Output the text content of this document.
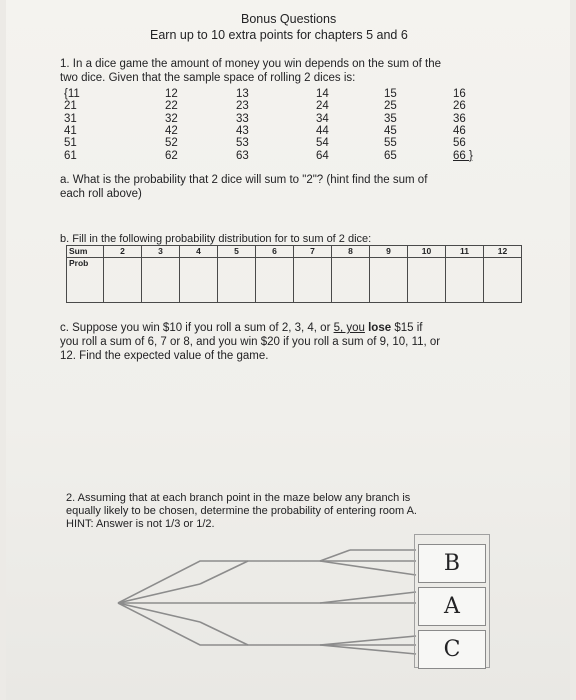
Bonus Questions
Earn up to 10 extra points for chapters 5 and 6
1. In a dice game the amount of money you win depends on the sum of the
two dice. Given that the sample space of rolling 2 dices is:
{11	12	13	14	15	16
21	22	23	24	25	26
31	32	33	34	35	36
41	42	43	44	45	46
51	52	53	54	55	56
61	62	63	64	65	66 }
a. What is the probability that 2 dice will sum to "2"? (hint find the sum of
each roll above)
b. Fill in the following probability distribution for to sum of 2 dice:
Sum	2	3	4	5	6	7	8	9	10	11	12
Prob											
c. Suppose you win $10 if you roll a sum of 2, 3, 4, or 5, you lose $15 if
you roll a sum of 6, 7 or 8, and you win $20 if you roll a sum of 9, 10, 11, or
12. Find the expected value of the game.
2. Assuming that at each branch point in the maze below any branch is
equally likely to be chosen, determine the probability of entering room A.
HINT: Answer is not 1/3 or 1/2.
B
A
C
